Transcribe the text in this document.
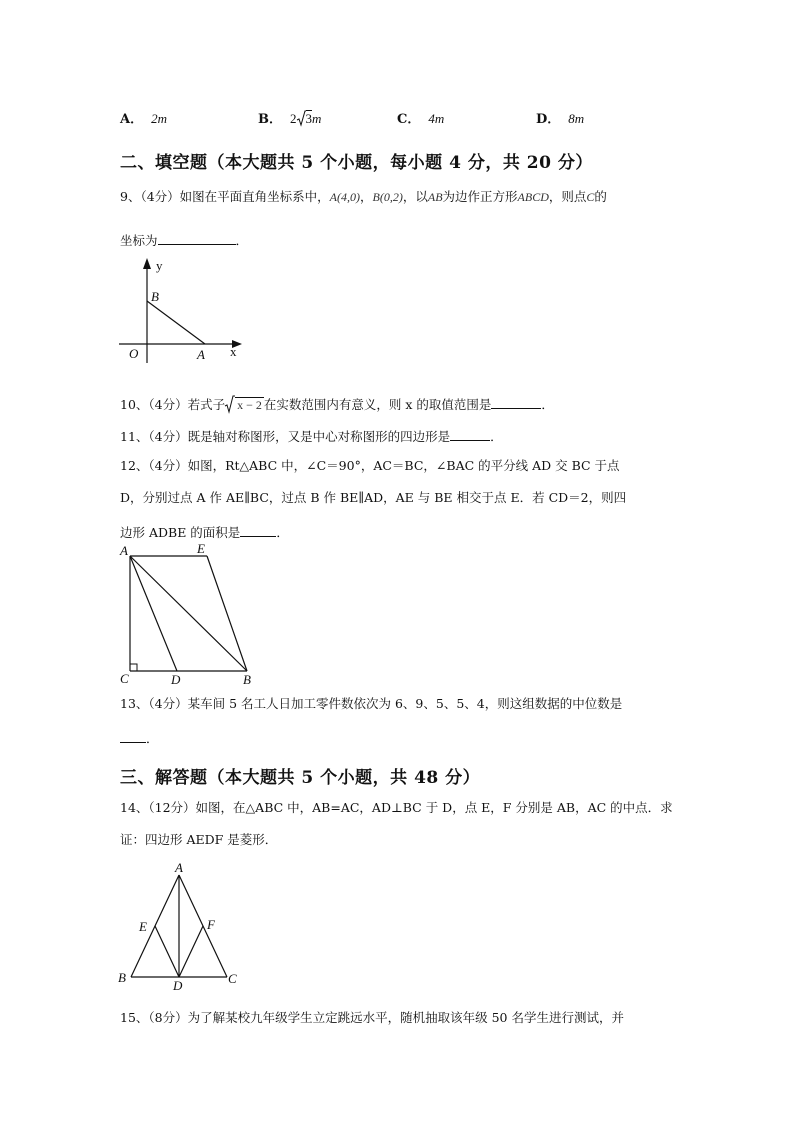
A． 2m	B． 2 3m	C． 4m	D． 8m
二、填空题（本大题共 5 个小题，每小题 4 分，共 20 分）
9、（4分）如图在平面直角坐标系中，A(4,0)，B(0,2)，以AB为边作正方形ABCD，则点C的
坐标为	．
y
x
O	A
B
10、（4分）若式子 x − 2 在实数范围内有意义，则 x 的取值范围是	．
11、（4分）既是轴对称图形，又是中心对称图形的四边形是	．
12、（4分）如图，Rt△ABC 中，∠C＝90°，AC＝BC，∠BAC 的平分线 AD 交 BC 于点
D，分别过点 A 作 AE∥BC，过点 B 作 BE∥AD，AE 与 BE 相交于点 E．若 CD＝2，则四
边形 ADBE 的面积是	．
A	E
C	D	B
13、（4分）某车间 5 名工人日加工零件数依次为 6、9、5、5、4，则这组数据的中位数是
．
三、解答题（本大题共 5 个小题，共 48 分）
14、（12分）如图，在△ABC 中，AB=AC，AD⊥BC 于 D，点 E，F 分别是 AB，AC 的中点．求
证：四边形 AEDF 是菱形．
A
E	F
B
D	C
15、（8分）为了解某校九年级学生立定跳远水平，随机抽取该年级 50 名学生进行测试，并
